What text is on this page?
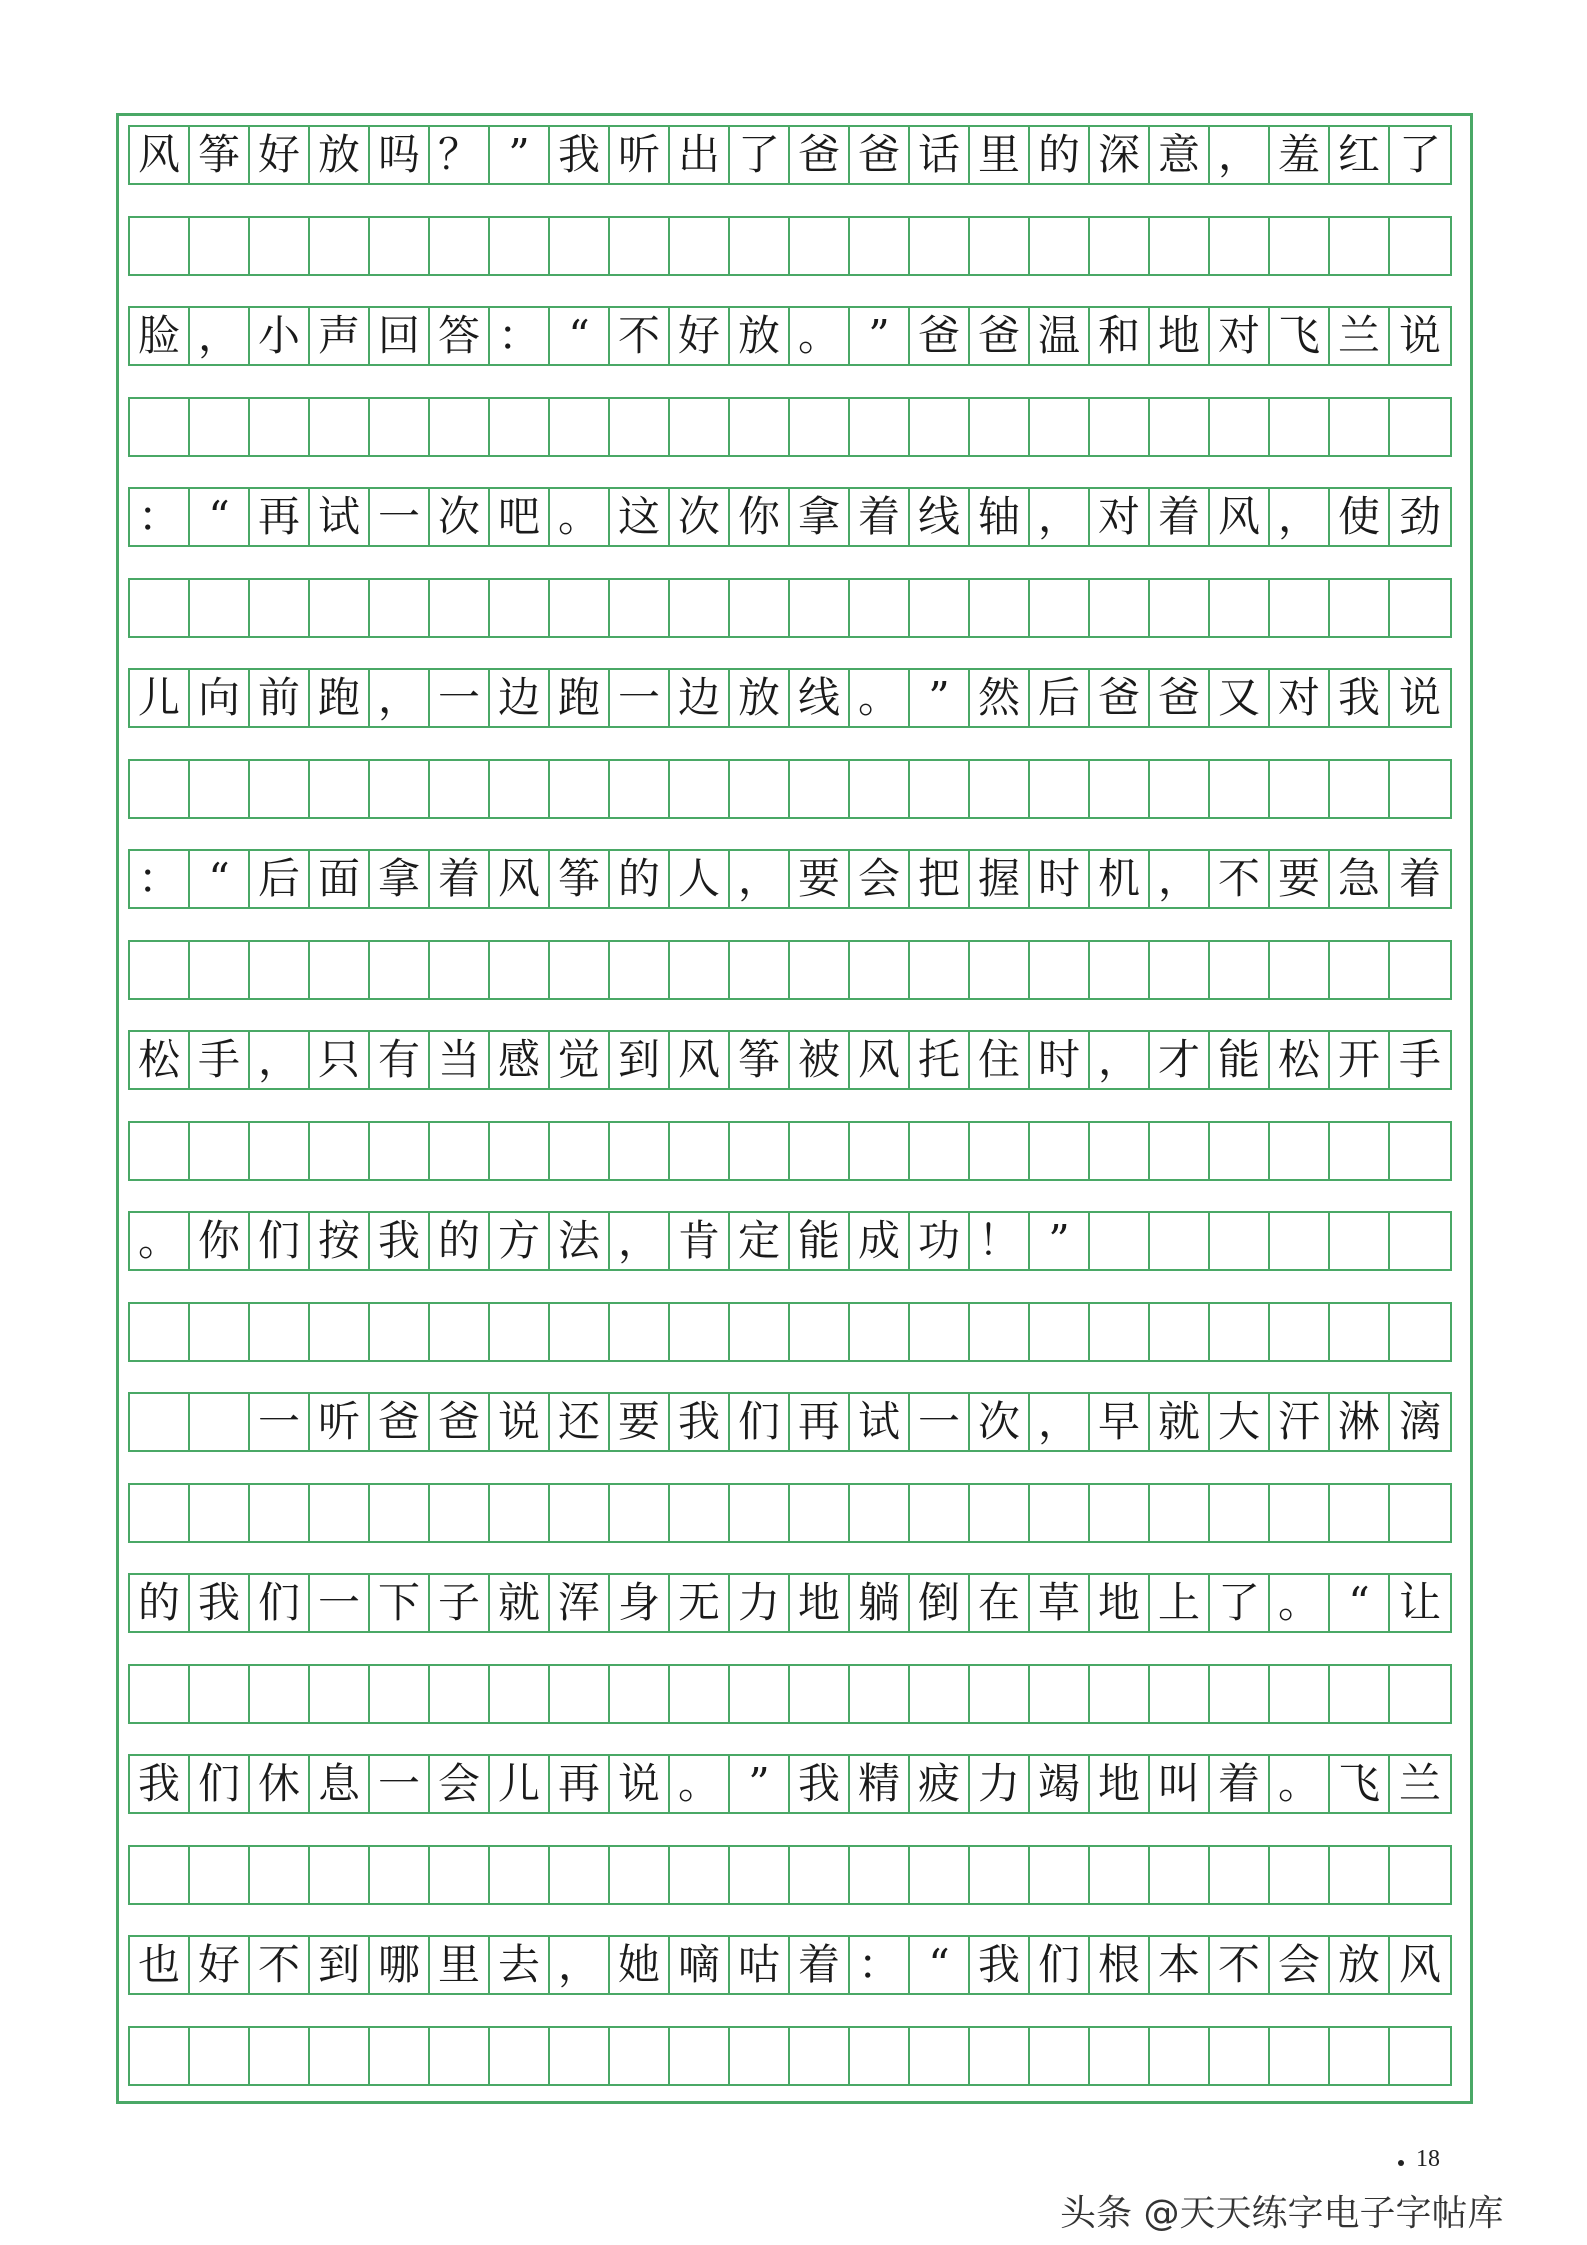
风 筝 好 放 吗 ？ ” 我 听 出 了 爸 爸 话 里 的 深 意 ， 羞 红 了
脸 ， 小 声 回 答 ： “ 不 好 放 。 ” 爸 爸 温 和 地 对 飞 兰 说
： “ 再 试 一 次 吧 。 这 次 你 拿 着 线 轴 ， 对 着 风 ， 使 劲
儿 向 前 跑 ， 一 边 跑 一 边 放 线 。 ” 然 后 爸 爸 又 对 我 说
： “ 后 面 拿 着 风 筝 的 人 ， 要 会 把 握 时 机 ， 不 要 急 着
松 手 ， 只 有 当 感 觉 到 风 筝 被 风 托 住 时 ， 才 能 松 开 手
。 你 们 按 我 的 方 法 ， 肯 定 能 成 功 ！ ”
一 听 爸 爸 说 还 要 我 们 再 试 一 次 ， 早 就 大 汗 淋 漓
的 我 们 一 下 子 就 浑 身 无 力 地 躺 倒 在 草 地 上 了 。 “ 让
我 们 休 息 一 会 儿 再 说 。 ” 我 精 疲 力 竭 地 叫 着 。 飞 兰
也 好 不 到 哪 里 去 ， 她 嘀 咕 着 ： “ 我 们 根 本 不 会 放 风
18
头条 @天天练字电子字帖库
